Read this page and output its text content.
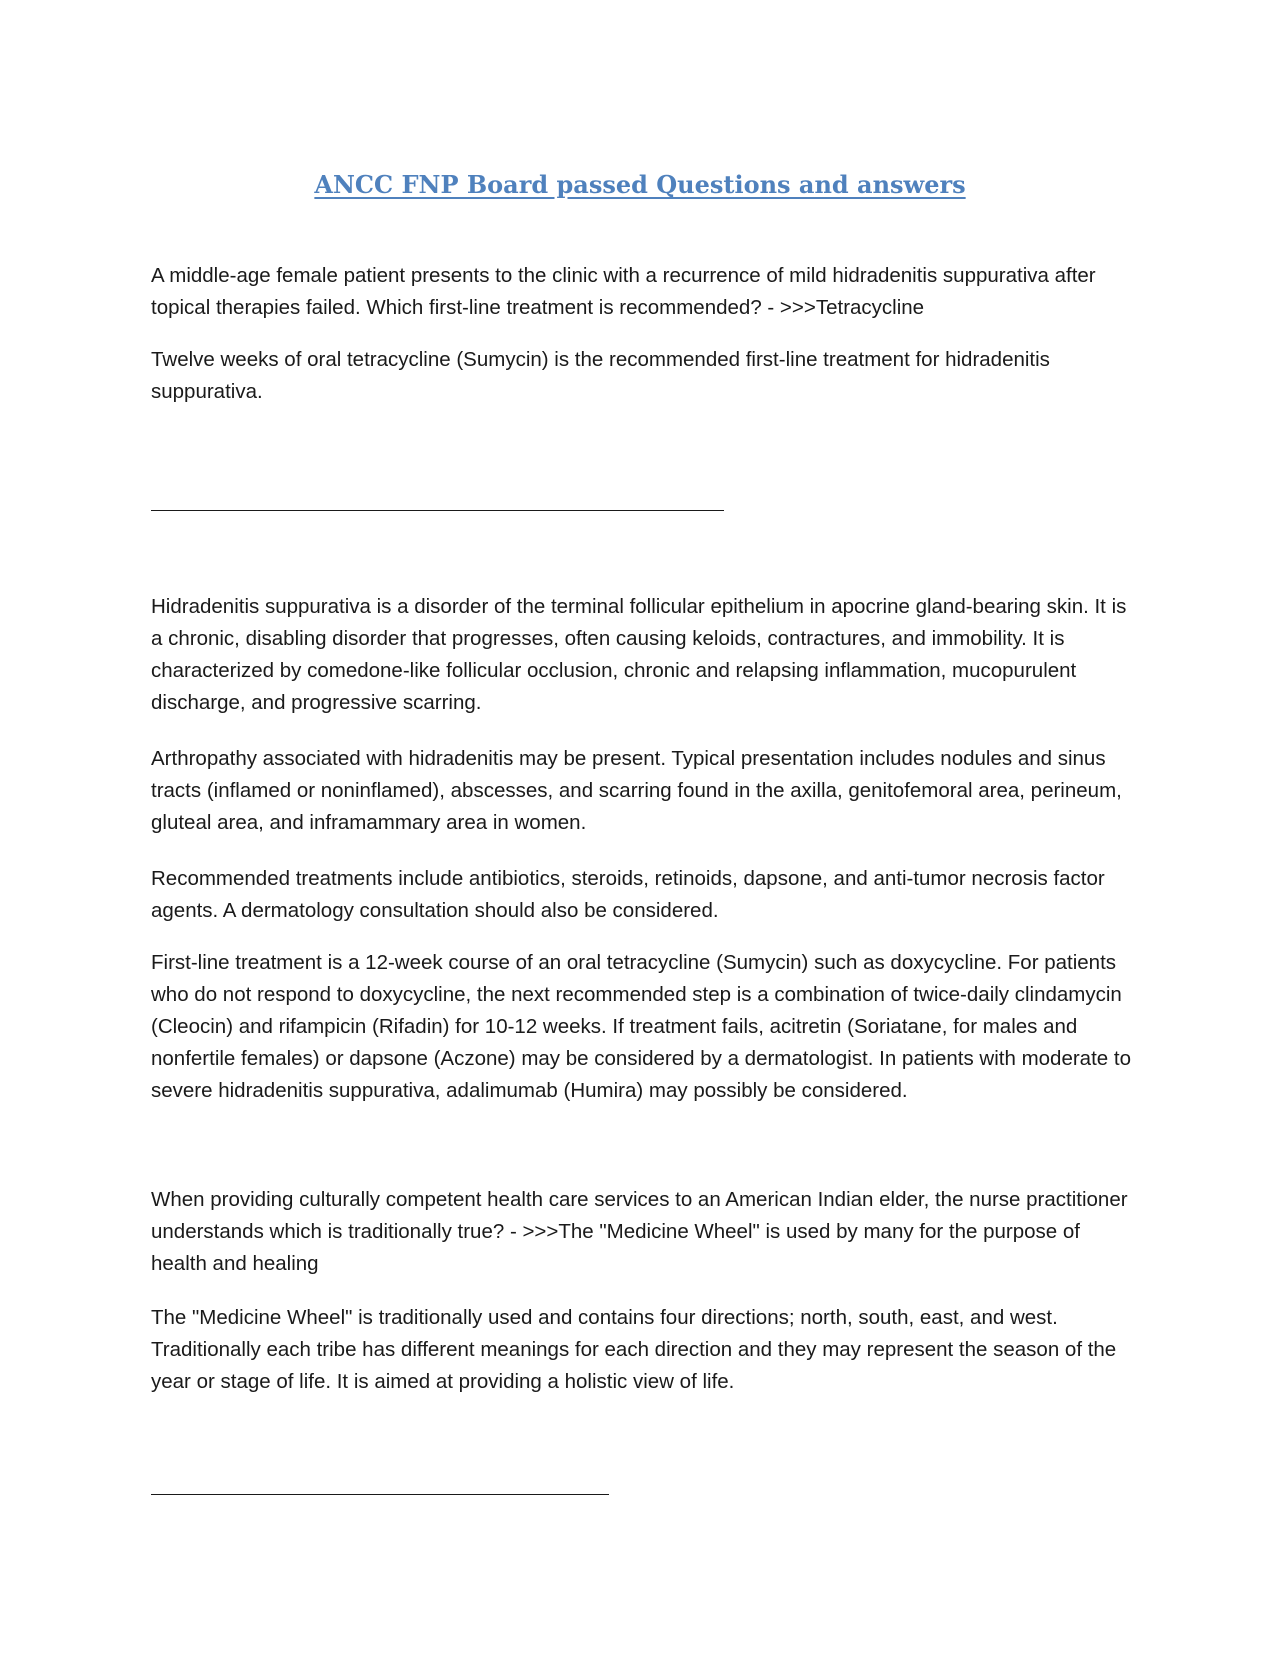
ANCC FNP Board passed Questions and answers

A middle-age female patient presents to the clinic with a recurrence of mild hidradenitis suppurativa after topical therapies failed. Which first-line treatment is recommended? - >>>Tetracycline

Twelve weeks of oral tetracycline (Sumycin) is the recommended first-line treatment for hidradenitis suppurativa.

Hidradenitis suppurativa is a disorder of the terminal follicular epithelium in apocrine gland-bearing skin. It is a chronic, disabling disorder that progresses, often causing keloids, contractures, and immobility. It is characterized by comedone-like follicular occlusion, chronic and relapsing inflammation, mucopurulent discharge, and progressive scarring.

Arthropathy associated with hidradenitis may be present. Typical presentation includes nodules and sinus tracts (inflamed or noninflamed), abscesses, and scarring found in the axilla, genitofemoral area, perineum, gluteal area, and inframammary area in women.

Recommended treatments include antibiotics, steroids, retinoids, dapsone, and anti-tumor necrosis factor agents. A dermatology consultation should also be considered.

First-line treatment is a 12-week course of an oral tetracycline (Sumycin) such as doxycycline. For patients who do not respond to doxycycline, the next recommended step is a combination of twice-daily clindamycin (Cleocin) and rifampicin (Rifadin) for 10-12 weeks. If treatment fails, acitretin (Soriatane, for males and nonfertile females) or dapsone (Aczone) may be considered by a dermatologist. In patients with moderate to severe hidradenitis suppurativa, adalimumab (Humira) may possibly be considered.

When providing culturally competent health care services to an American Indian elder, the nurse practitioner understands which is traditionally true? - >>>The "Medicine Wheel" is used by many for the purpose of health and healing

The "Medicine Wheel" is traditionally used and contains four directions; north, south, east, and west. Traditionally each tribe has different meanings for each direction and they may represent the season of the year or stage of life. It is aimed at providing a holistic view of life.
